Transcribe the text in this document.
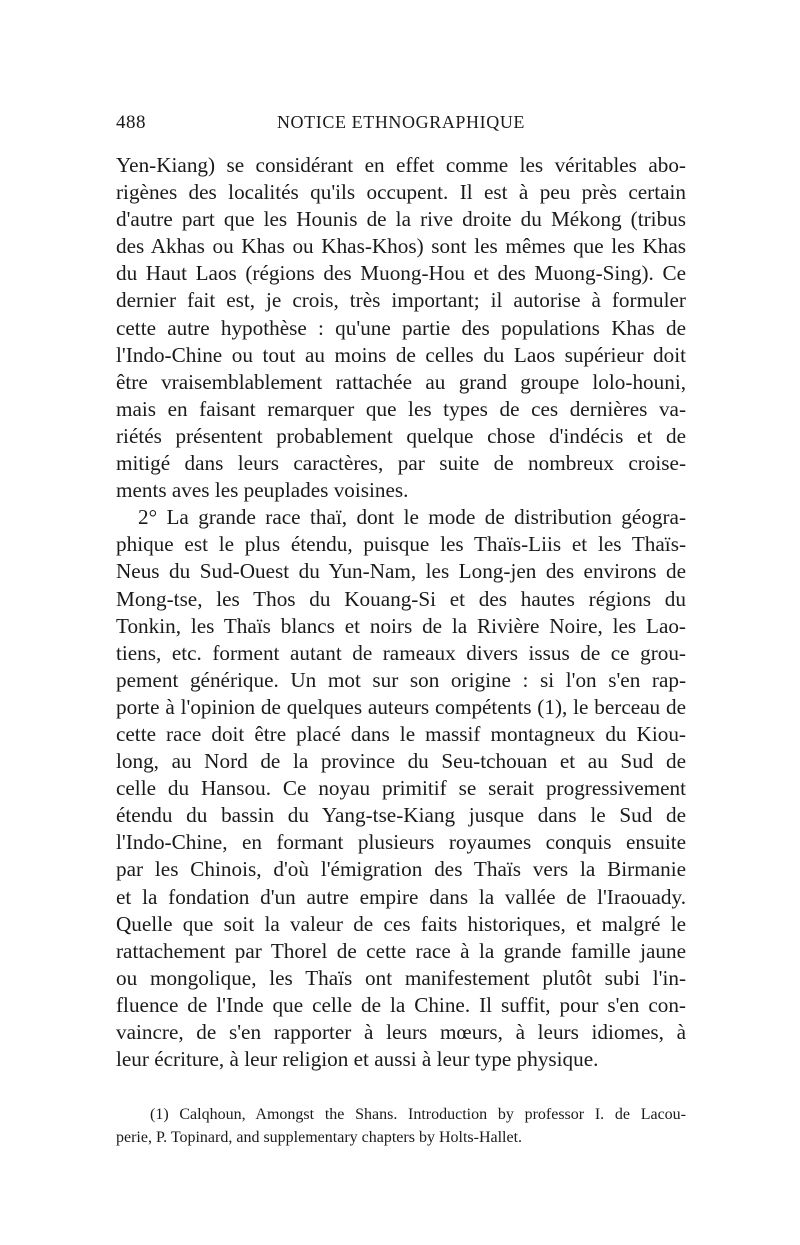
488	NOTICE ETHNOGRAPHIQUE
Yen-Kiang) se considérant en effet comme les véritables abo-
rigènes des localités qu'ils occupent. Il est à peu près certain
d'autre part que les Hounis de la rive droite du Mékong (tribus
des Akhas ou Khas ou Khas-Khos) sont les mêmes que les Khas
du Haut Laos (régions des Muong-Hou et des Muong-Sing). Ce
dernier fait est, je crois, très important; il autorise à formuler
cette autre hypothèse : qu'une partie des populations Khas de
l'Indo-Chine ou tout au moins de celles du Laos supérieur doit
être vraisemblablement rattachée au grand groupe lolo-houni,
mais en faisant remarquer que les types de ces dernières va-
riétés présentent probablement quelque chose d'indécis et de
mitigé dans leurs caractères, par suite de nombreux croise-
ments aves les peuplades voisines.
2° La grande race thaï, dont le mode de distribution géogra-
phique est le plus étendu, puisque les Thaïs-Liis et les Thaïs-
Neus du Sud-Ouest du Yun-Nam, les Long-jen des environs de
Mong-tse, les Thos du Kouang-Si et des hautes régions du
Tonkin, les Thaïs blancs et noirs de la Rivière Noire, les Lao-
tiens, etc. forment autant de rameaux divers issus de ce grou-
pement générique. Un mot sur son origine : si l'on s'en rap-
porte à l'opinion de quelques auteurs compétents (1), le berceau de
cette race doit être placé dans le massif montagneux du Kiou-
long, au Nord de la province du Seu-tchouan et au Sud de
celle du Hansou. Ce noyau primitif se serait progressivement
étendu du bassin du Yang-tse-Kiang jusque dans le Sud de
l'Indo-Chine, en formant plusieurs royaumes conquis ensuite
par les Chinois, d'où l'émigration des Thaïs vers la Birmanie
et la fondation d'un autre empire dans la vallée de l'Iraouady.
Quelle que soit la valeur de ces faits historiques, et malgré le
rattachement par Thorel de cette race à la grande famille jaune
ou mongolique, les Thaïs ont manifestement plutôt subi l'in-
fluence de l'Inde que celle de la Chine. Il suffit, pour s'en con-
vaincre, de s'en rapporter à leurs mœurs, à leurs idiomes, à
leur écriture, à leur religion et aussi à leur type physique.
(1) Calqhoun, Amongst the Shans. Introduction by professor I. de Lacou-
perie, P. Topinard, and supplementary chapters by Holts-Hallet.
